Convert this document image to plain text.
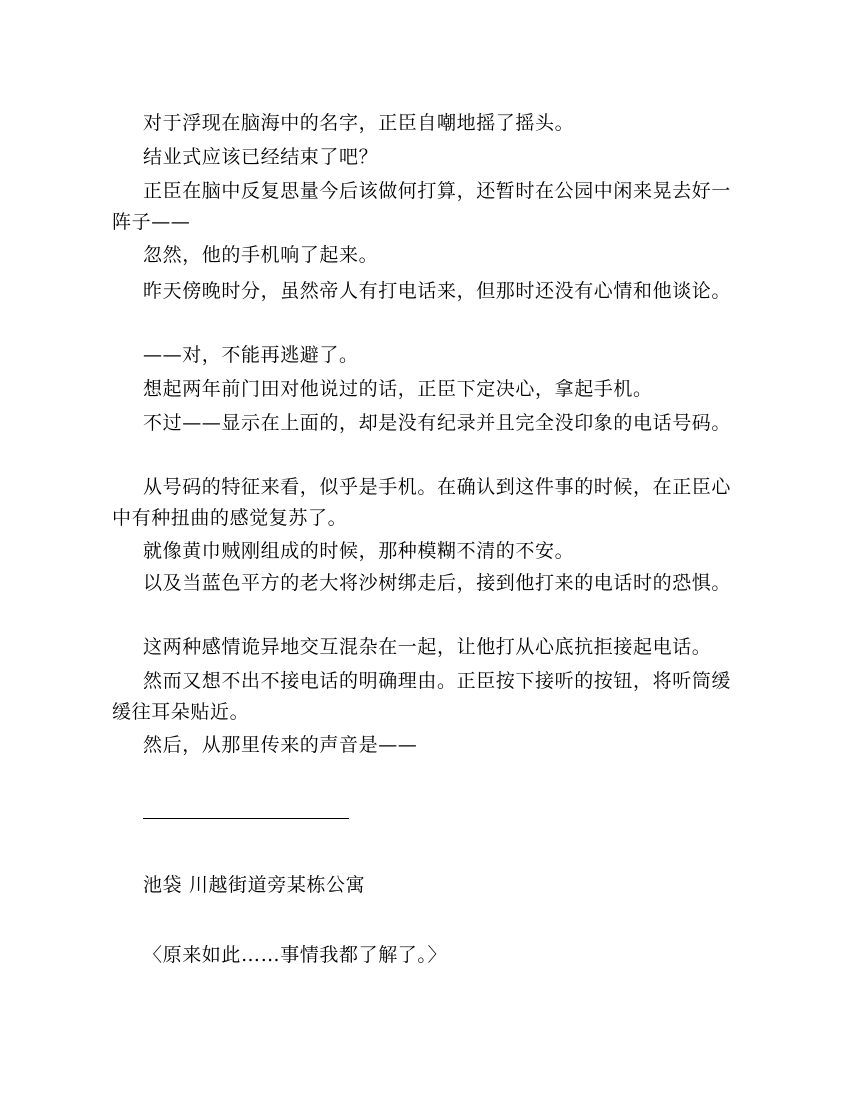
对于浮现在脑海中的名字，正臣自嘲地摇了摇头。

结业式应该已经结束了吧？

正臣在脑中反复思量今后该做何打算，还暂时在公园中闲来晃去好一阵子——

忽然，他的手机响了起来。

昨天傍晚时分，虽然帝人有打电话来，但那时还没有心情和他谈论。

——对，不能再逃避了。

想起两年前门田对他说过的话，正臣下定决心，拿起手机。

不过——显示在上面的，却是没有纪录并且完全没印象的电话号码。

从号码的特征来看，似乎是手机。在确认到这件事的时候，在正臣心中有种扭曲的感觉复苏了。

就像黄巾贼刚组成的时候，那种模糊不清的不安。

以及当蓝色平方的老大将沙树绑走后，接到他打来的电话时的恐惧。

这两种感情诡异地交互混杂在一起，让他打从心底抗拒接起电话。

然而又想不出不接电话的明确理由。正臣按下接听的按钮，将听筒缓缓往耳朵贴近。

然后，从那里传来的声音是——

池袋 川越街道旁某栋公寓

〈原来如此……事情我都了解了。〉
